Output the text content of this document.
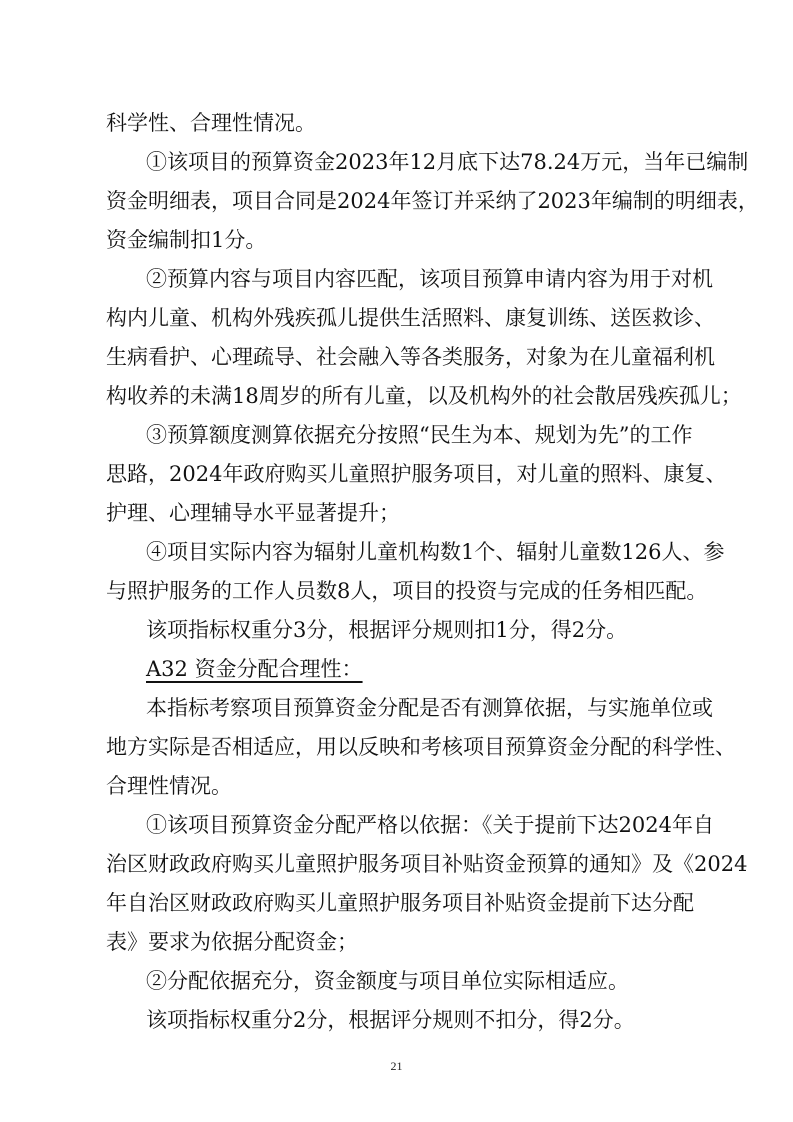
科学性、合理性情况。
①该项目的预算资金2023年12月底下达78.24万元，当年已编制
资金明细表，项目合同是2024年签订并采纳了2023年编制的明细表，
资金编制扣1分。
②预算内容与项目内容匹配，该项目预算申请内容为用于对机
构内儿童、机构外残疾孤儿提供生活照料、康复训练、送医救诊、
生病看护、心理疏导、社会融入等各类服务，对象为在儿童福利机
构收养的未满18周岁的所有儿童，以及机构外的社会散居残疾孤儿；
③预算额度测算依据充分按照“民生为本、规划为先”的工作
思路，2024年政府购买儿童照护服务项目，对儿童的照料、康复、
护理、心理辅导水平显著提升；
④项目实际内容为辐射儿童机构数1个、辐射儿童数126人、参
与照护服务的工作人员数8人，项目的投资与完成的任务相匹配。
该项指标权重分3分，根据评分规则扣1分，得2分。
A32 资金分配合理性：
本指标考察项目预算资金分配是否有测算依据，与实施单位或
地方实际是否相适应，用以反映和考核项目预算资金分配的科学性、
合理性情况。
①该项目预算资金分配严格以依据：《关于提前下达2024年自
治区财政政府购买儿童照护服务项目补贴资金预算的通知》及《2024
年自治区财政政府购买儿童照护服务项目补贴资金提前下达分配
表》要求为依据分配资金；
②分配依据充分，资金额度与项目单位实际相适应。
该项指标权重分2分，根据评分规则不扣分，得2分。
21
